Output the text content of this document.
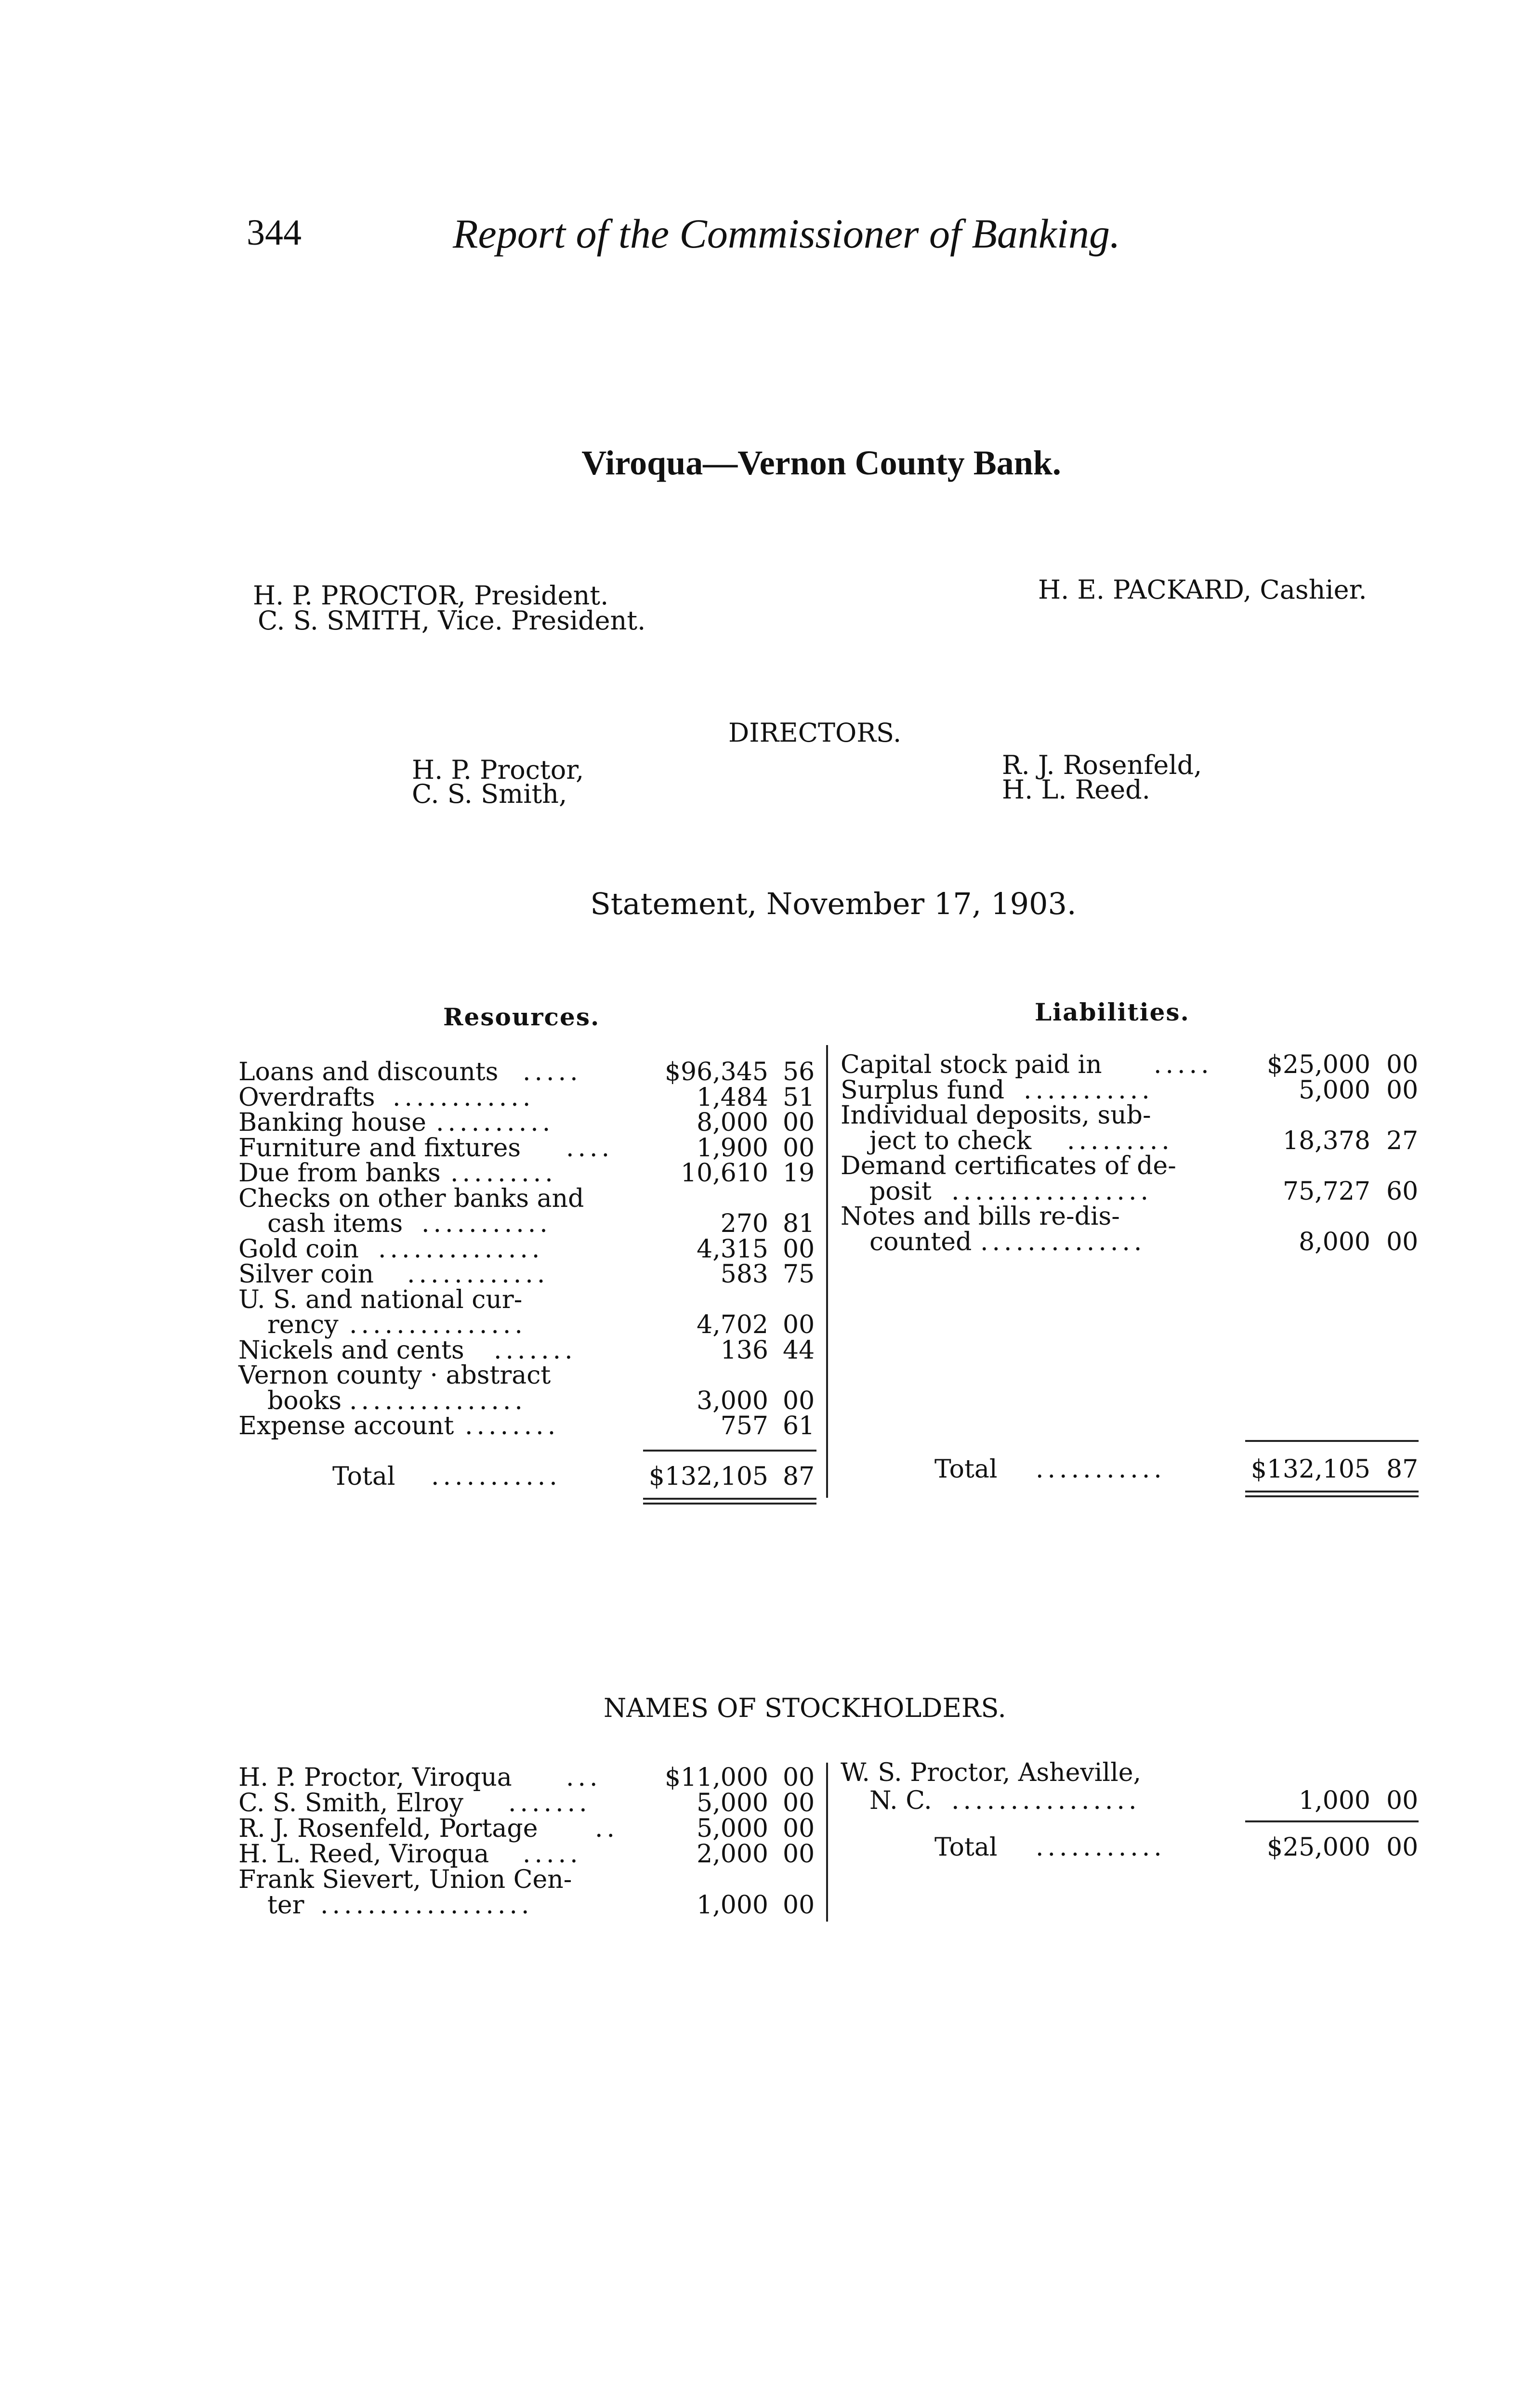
344	Report of the Commissioner of Banking.
Viroqua—Vernon County Bank.
H. P. PROCTOR, President.
C. S. SMITH, Vice. President.
H. E. PACKARD, Cashier.
DIRECTORS.
H. P. Proctor,
C. S. Smith,
R. J. Rosenfeld,
H. L. Reed.
Statement, November 17, 1903.
Resources.	Liabilities.
Loans and discounts .....	$96,345 56
Overdrafts ............	1,484 51
Banking house ..........	8,000 00
Furniture and fixtures ....	1,900 00
Due from banks .........	10,610 19
Checks on other banks and
cash items ...........	270 81
Gold coin ..............	4,315 00
Silver coin ............	583 75
U. S. and national cur-
rency ...............	4,702 00
Nickels and cents .......	136 44
Vernon county · abstract
books ...............	3,000 00
Expense account ........	757 61
Total ...........	$132,105 87
Capital stock paid in .....	$25,000 00
Surplus fund ...........	5,000 00
Individual deposits, sub-
ject to check .........	18,378 27
Demand certificates of de-
posit .................	75,727 60
Notes and bills re-dis-
counted ..............	8,000 00
Total ...........	$132,105 87
NAMES OF STOCKHOLDERS.
H. P. Proctor, Viroqua ...	$11,000 00
C. S. Smith, Elroy .......	5,000 00
R. J. Rosenfeld, Portage ..	5,000 00
H. L. Reed, Viroqua .....	2,000 00
Frank Sievert, Union Cen-
ter ..................	1,000 00
W. S. Proctor, Asheville,
N. C. ................	1,000 00
Total ...........	$25,000 00
